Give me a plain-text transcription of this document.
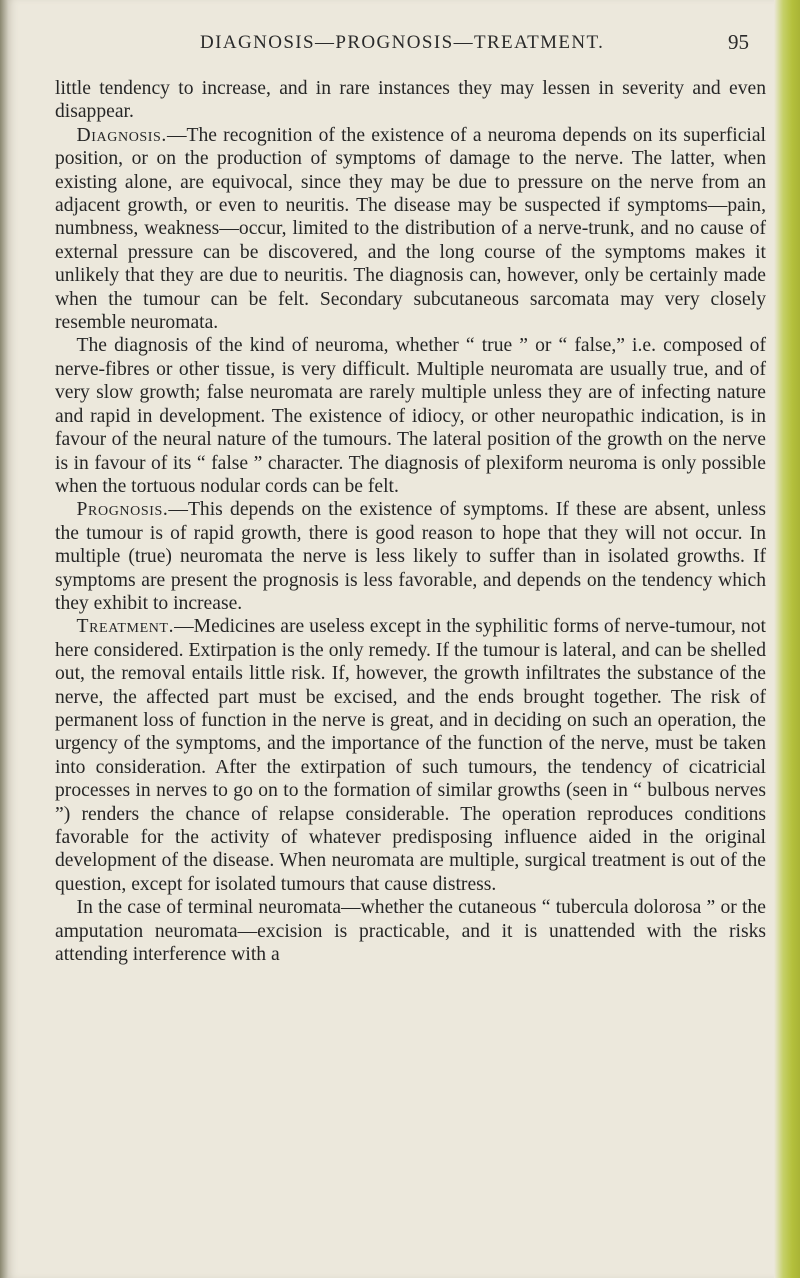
DIAGNOSIS—PROGNOSIS—TREATMENT.	95

little tendency to increase, and in rare instances they may lessen in severity and even disappear.

Diagnosis.—The recognition of the existence of a neuroma depends on its superficial position, or on the production of symptoms of damage to the nerve. The latter, when existing alone, are equivocal, since they may be due to pressure on the nerve from an adjacent growth, or even to neuritis. The disease may be suspected if symptoms—pain, numbness, weakness—occur, limited to the distribution of a nerve-trunk, and no cause of external pressure can be discovered, and the long course of the symptoms makes it unlikely that they are due to neuritis. The diagnosis can, however, only be certainly made when the tumour can be felt. Secondary subcutaneous sarcomata may very closely resemble neuromata.

The diagnosis of the kind of neuroma, whether “ true ” or “ false,” i.e. composed of nerve-fibres or other tissue, is very difficult. Multiple neuromata are usually true, and of very slow growth; false neuromata are rarely multiple unless they are of infecting nature and rapid in development. The existence of idiocy, or other neuropathic indication, is in favour of the neural nature of the tumours. The lateral position of the growth on the nerve is in favour of its “ false ” character. The diagnosis of plexiform neuroma is only possible when the tortuous nodular cords can be felt.

Prognosis.—This depends on the existence of symptoms. If these are absent, unless the tumour is of rapid growth, there is good reason to hope that they will not occur. In multiple (true) neuromata the nerve is less likely to suffer than in isolated growths. If symptoms are present the prognosis is less favorable, and depends on the tendency which they exhibit to increase.

Treatment.—Medicines are useless except in the syphilitic forms of nerve-tumour, not here considered. Extirpation is the only remedy. If the tumour is lateral, and can be shelled out, the removal entails little risk. If, however, the growth infiltrates the substance of the nerve, the affected part must be excised, and the ends brought together. The risk of permanent loss of function in the nerve is great, and in deciding on such an operation, the urgency of the symptoms, and the importance of the function of the nerve, must be taken into consideration. After the extirpation of such tumours, the tendency of cicatricial processes in nerves to go on to the formation of similar growths (seen in “ bulbous nerves ”) renders the chance of relapse considerable. The operation reproduces conditions favorable for the activity of whatever predisposing influence aided in the original development of the disease. When neuromata are multiple, surgical treatment is out of the question, except for isolated tumours that cause distress.

In the case of terminal neuromata—whether the cutaneous “ tubercula dolorosa ” or the amputation neuromata—excision is practicable, and it is unattended with the risks attending interference with a
